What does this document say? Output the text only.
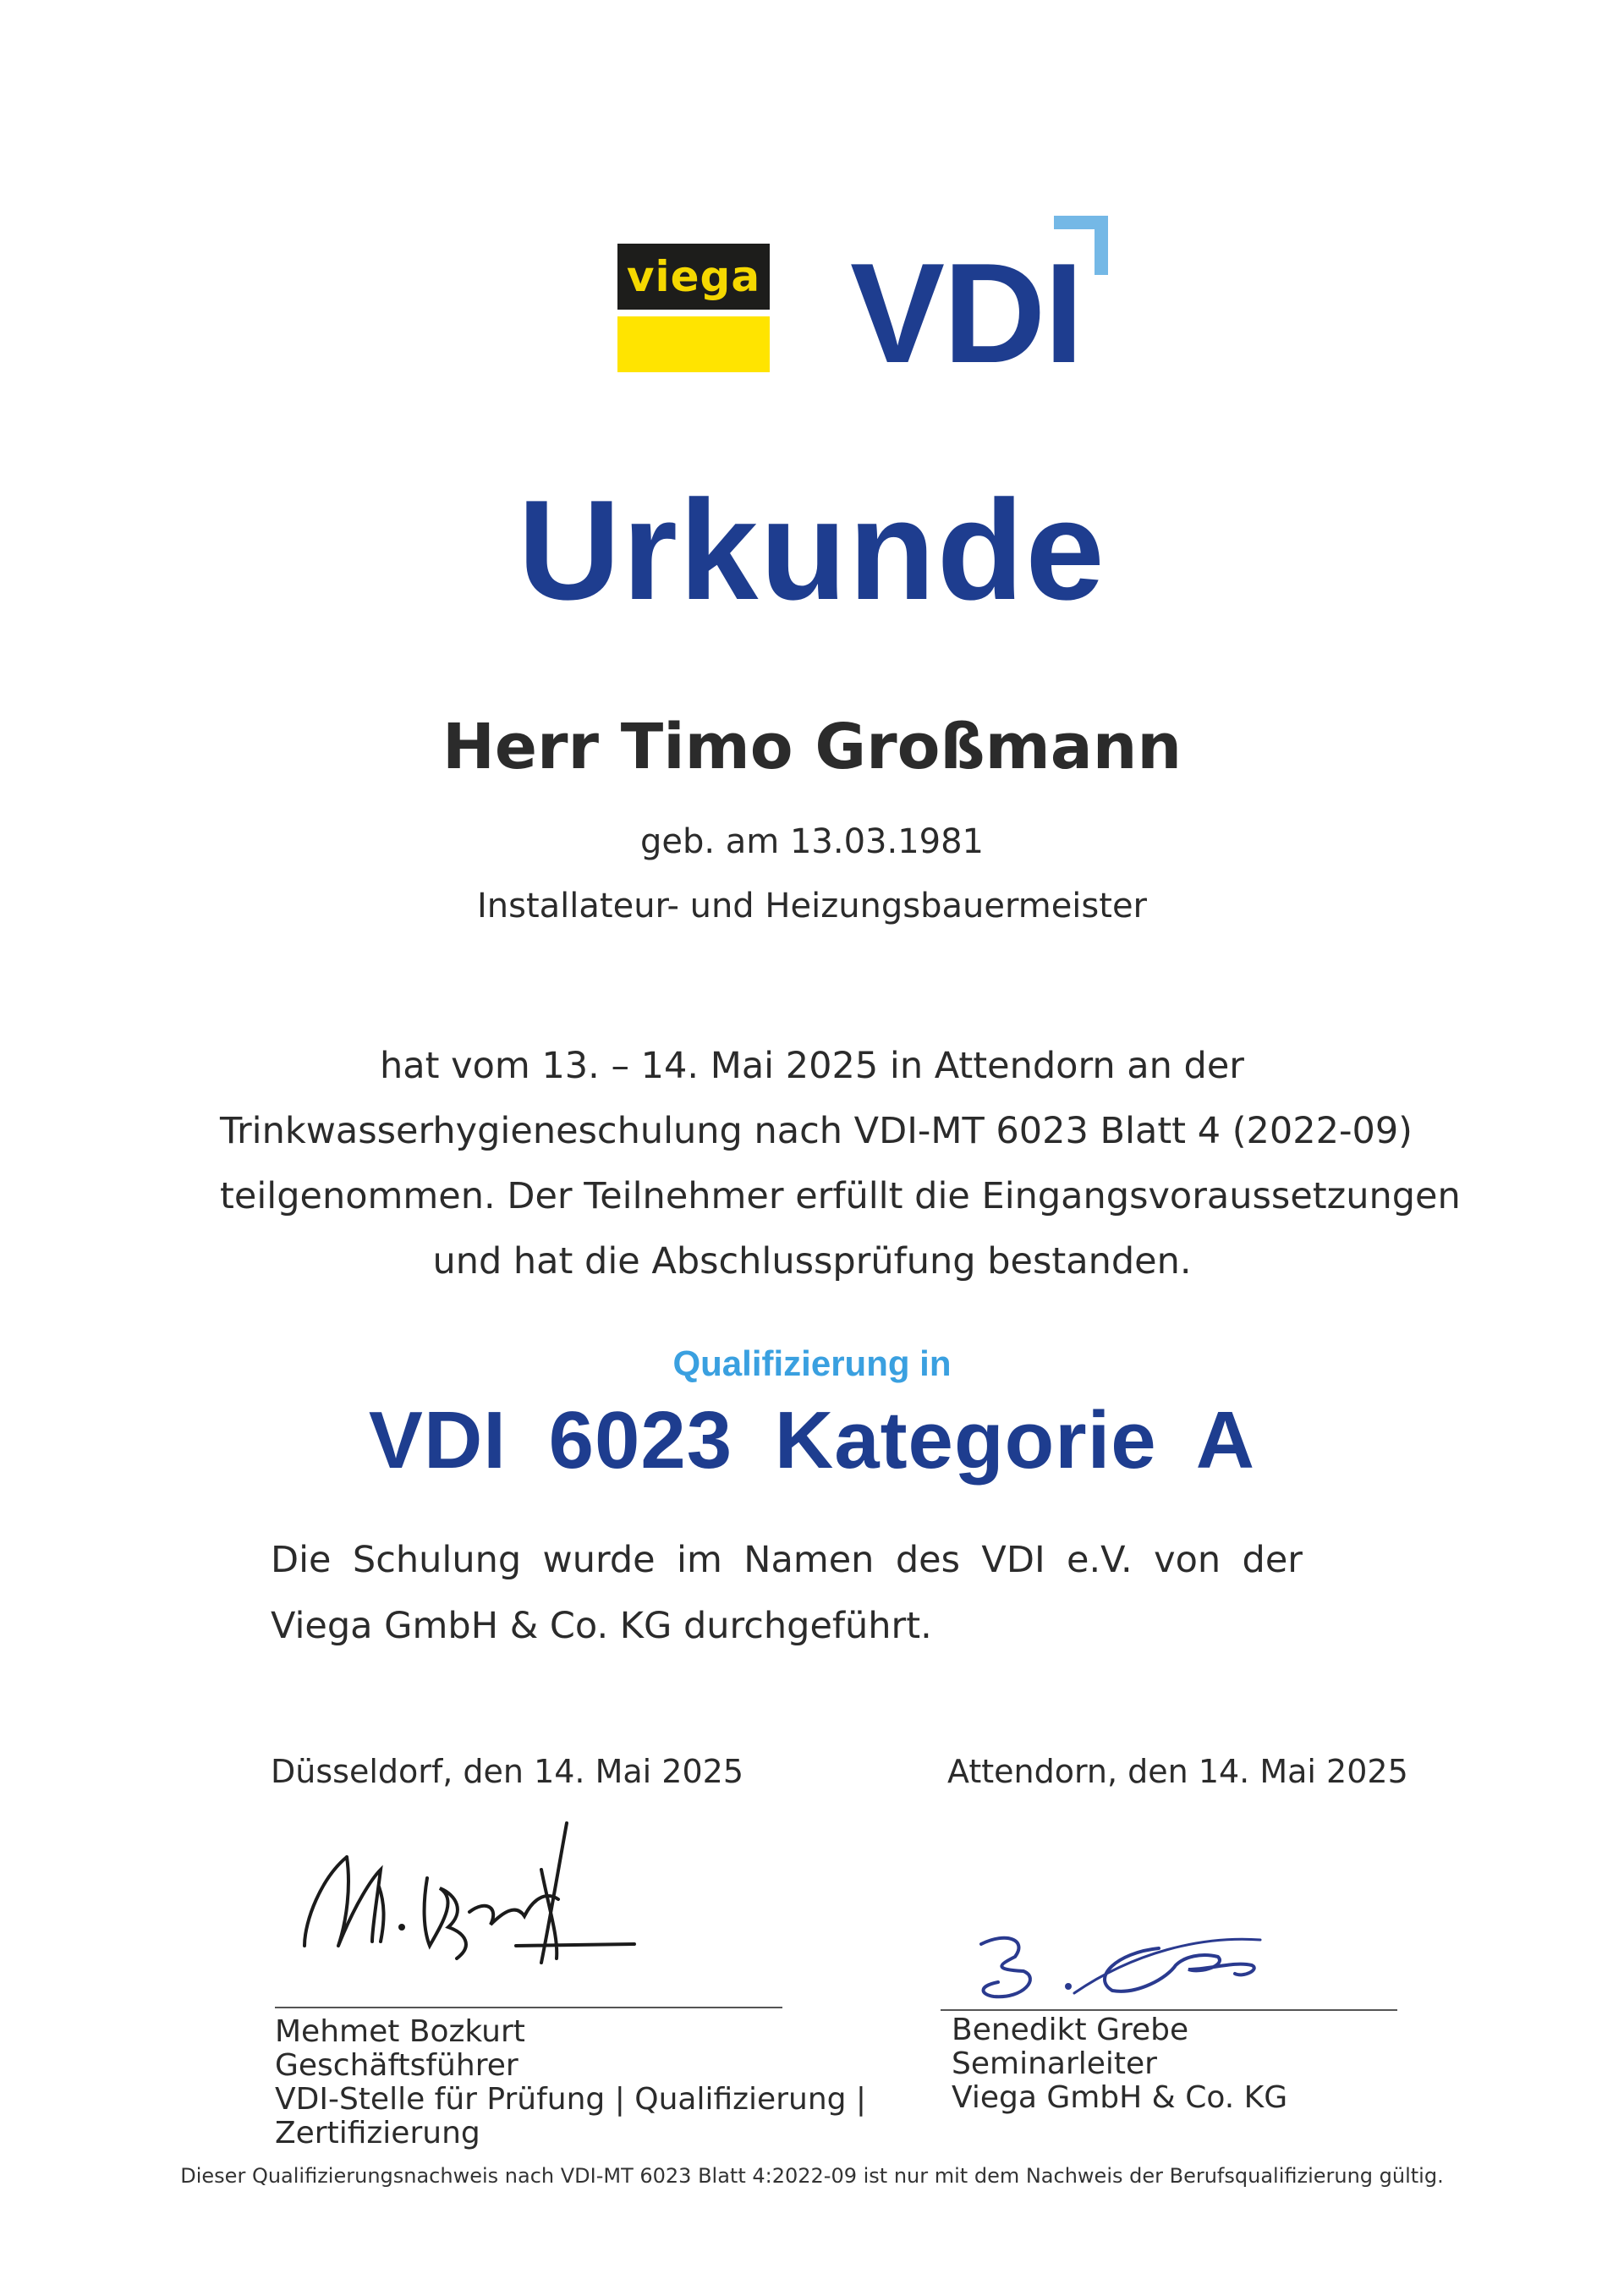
viega VDI
Urkunde
Herr Timo Großmann
geb. am 13.03.1981
Installateur- und Heizungsbauermeister
hat vom 13. – 14. Mai 2025 in Attendorn an der
Trinkwasserhygieneschulung nach VDI-MT 6023 Blatt 4 (2022-09)
teilgenommen. Der Teilnehmer erfüllt die Eingangsvoraussetzungen
und hat die Abschlussprüfung bestanden.
Qualifizierung in
VDI 6023 Kategorie A
Die Schulung wurde im Namen des VDI e.V. von der
Viega GmbH & Co. KG durchgeführt.
Düsseldorf, den 14. Mai 2025	Attendorn, den 14. Mai 2025
Mehmet Bozkurt
Geschäftsführer
VDI-Stelle für Prüfung | Qualifizierung |
Zertifizierung
Benedikt Grebe
Seminarleiter
Viega GmbH & Co. KG
Dieser Qualifizierungsnachweis nach VDI-MT 6023 Blatt 4:2022-09 ist nur mit dem Nachweis der Berufsqualifizierung gültig.
